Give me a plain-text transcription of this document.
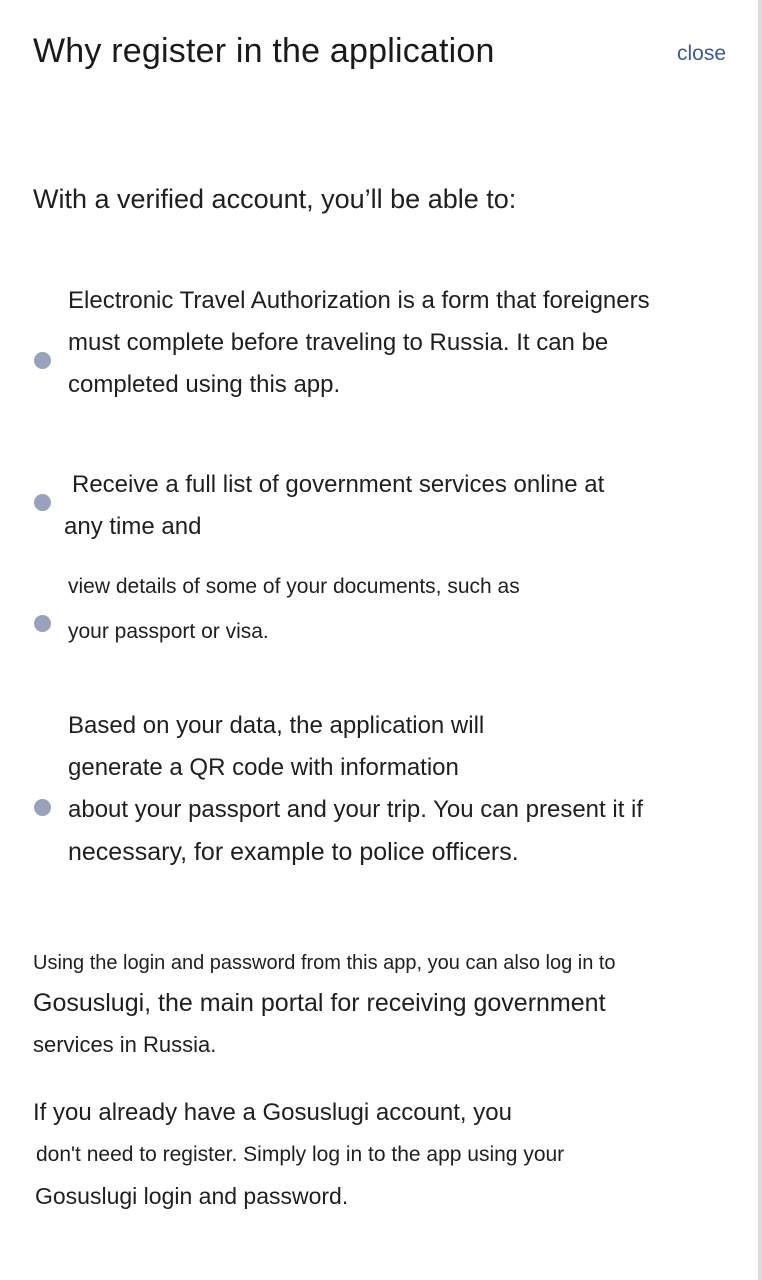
Why register in the application	close
With a verified account, you’ll be able to:
Electronic Travel Authorization is a form that foreigners
must complete before traveling to Russia. It can be
completed using this app.
Receive a full list of government services online at
any time and
view details of some of your documents, such as
your passport or visa.
Based on your data, the application will
generate a QR code with information
about your passport and your trip. You can present it if
necessary, for example to police officers.
Using the login and password from this app, you can also log in to
Gosuslugi, the main portal for receiving government
services in Russia.
If you already have a Gosuslugi account, you
don't need to register. Simply log in to the app using your
Gosuslugi login and password.
